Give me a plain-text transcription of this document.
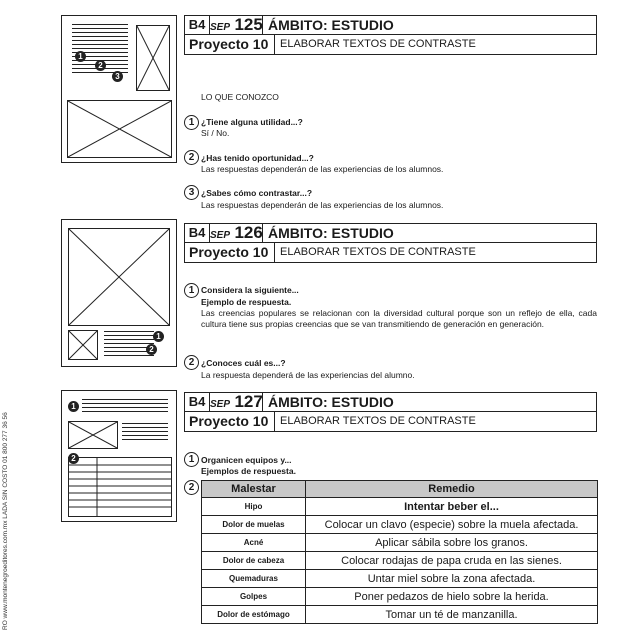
RO www.montenegroeditores.com.mx LADA SIN COSTO 01 800 277 36 56
1
2
3
B4 SEP 125 ÁMBITO: ESTUDIO
Proyecto 10	ELABORAR TEXTOS DE CONTRASTE
LO QUE CONOZCO
1 ¿Tiene alguna utilidad...?
Sí / No.
2 ¿Has tenido oportunidad...?
Las respuestas dependerán de las experiencias de los alumnos.
3 ¿Sabes cómo contrastar...?
Las respuestas dependerán de las experiencias de los alumnos.
1
2
B4 SEP 126 ÁMBITO: ESTUDIO
Proyecto 10	ELABORAR TEXTOS DE CONTRASTE
1 Considera la siguiente...
Ejemplo de respuesta.
Las creencias populares se relacionan con la diversidad cultural porque son un reflejo de ella, cada cultura tiene sus propias creencias que se van transmitiendo de generación en generación.
2 ¿Conoces cuál es...?
La respuesta dependerá de las experiencias del alumno.
1
2
B4 SEP 127 ÁMBITO: ESTUDIO
Proyecto 10	ELABORAR TEXTOS DE CONTRASTE
1 Organicen equipos y...
Ejemplos de respuesta.
2	Malestar	Remedio
Hipo	Intentar beber el...
Dolor de muelas	Colocar un clavo (especie) sobre la muela afectada.
Acné	Aplicar sábila sobre los granos.
Dolor de cabeza	Colocar rodajas de papa cruda en las sienes.
Quemaduras	Untar miel sobre la zona afectada.
Golpes	Poner pedazos de hielo sobre la herida.
Dolor de estómago	Tomar un té de manzanilla.
